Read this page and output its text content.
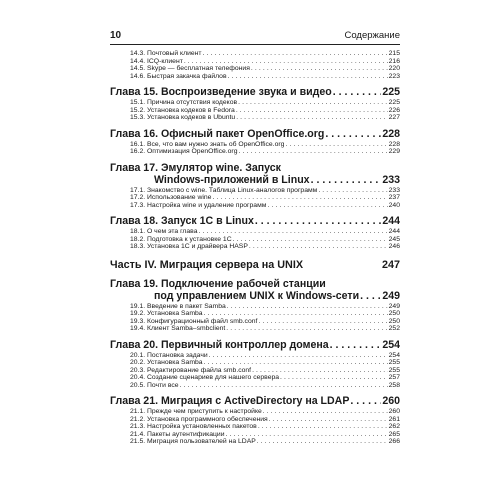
10	Содержание
14.3. Почтовый клиент . . .	215
14.4. ICQ-клиент . . .	216
14.5. Skype — бесплатная телефония . . .	220
14.6. Быстрая закачка файлов . . .	223
Глава 15. Воспроизведение звука и видео . . .	225
15.1. Причина отсутствия кодеков . . .	225
15.2. Установка кодеков в Fedora . . .	226
15.3. Установка кодеков в Ubuntu . . .	227
Глава 16. Офисный пакет OpenOffice.org . . .	228
16.1. Все, что вам нужно знать об OpenOffice.org . . .	228
16.2. Оптимизация OpenOffice.org . . .	229
Глава 17. Эмулятор wine. Запуск
Windows-приложений в Linux . . .	233
17.1. Знакомство с wine. Таблица Linux-аналогов программ . . .	233
17.2. Использование wine . . .	237
17.3. Настройка wine и удаление программ . . .	240
Глава 18. Запуск 1С в Linux . . .	244
18.1. О чем эта глава . . .	244
18.2. Подготовка к установке 1С . . .	245
18.3. Установка 1С и драйвера HASP . . .	246
Часть IV. Миграция сервера на UNIX	247
Глава 19. Подключение рабочей станции
под управлением UNIX к Windows-сети . . . 249
19.1. Введение в пакет Samba . . .	249
19.2. Установка Samba . . .	250
19.3. Конфигурационный файл smb.conf . . .	250
19.4. Клиент Samba–smbclient . . .	252
Глава 20. Первичный контроллер домена . . .	254
20.1. Постановка задачи . . .	254
20.2. Установка Samba . . .	255
20.3. Редактирование файла smb.conf . . .	255
20.4. Создание сценариев для нашего сервера . . .	257
20.5. Почти все . . .	258
Глава 21. Миграция с ActiveDirectory на LDAP . . .	260
21.1. Прежде чем приступить к настройке . . .	260
21.2. Установка программного обеспечения . . .	261
21.3. Настройка установленных пакетов . . .	262
21.4. Пакеты аутентификации . . .	265
21.5. Миграция пользователей на LDAP . . .	266
